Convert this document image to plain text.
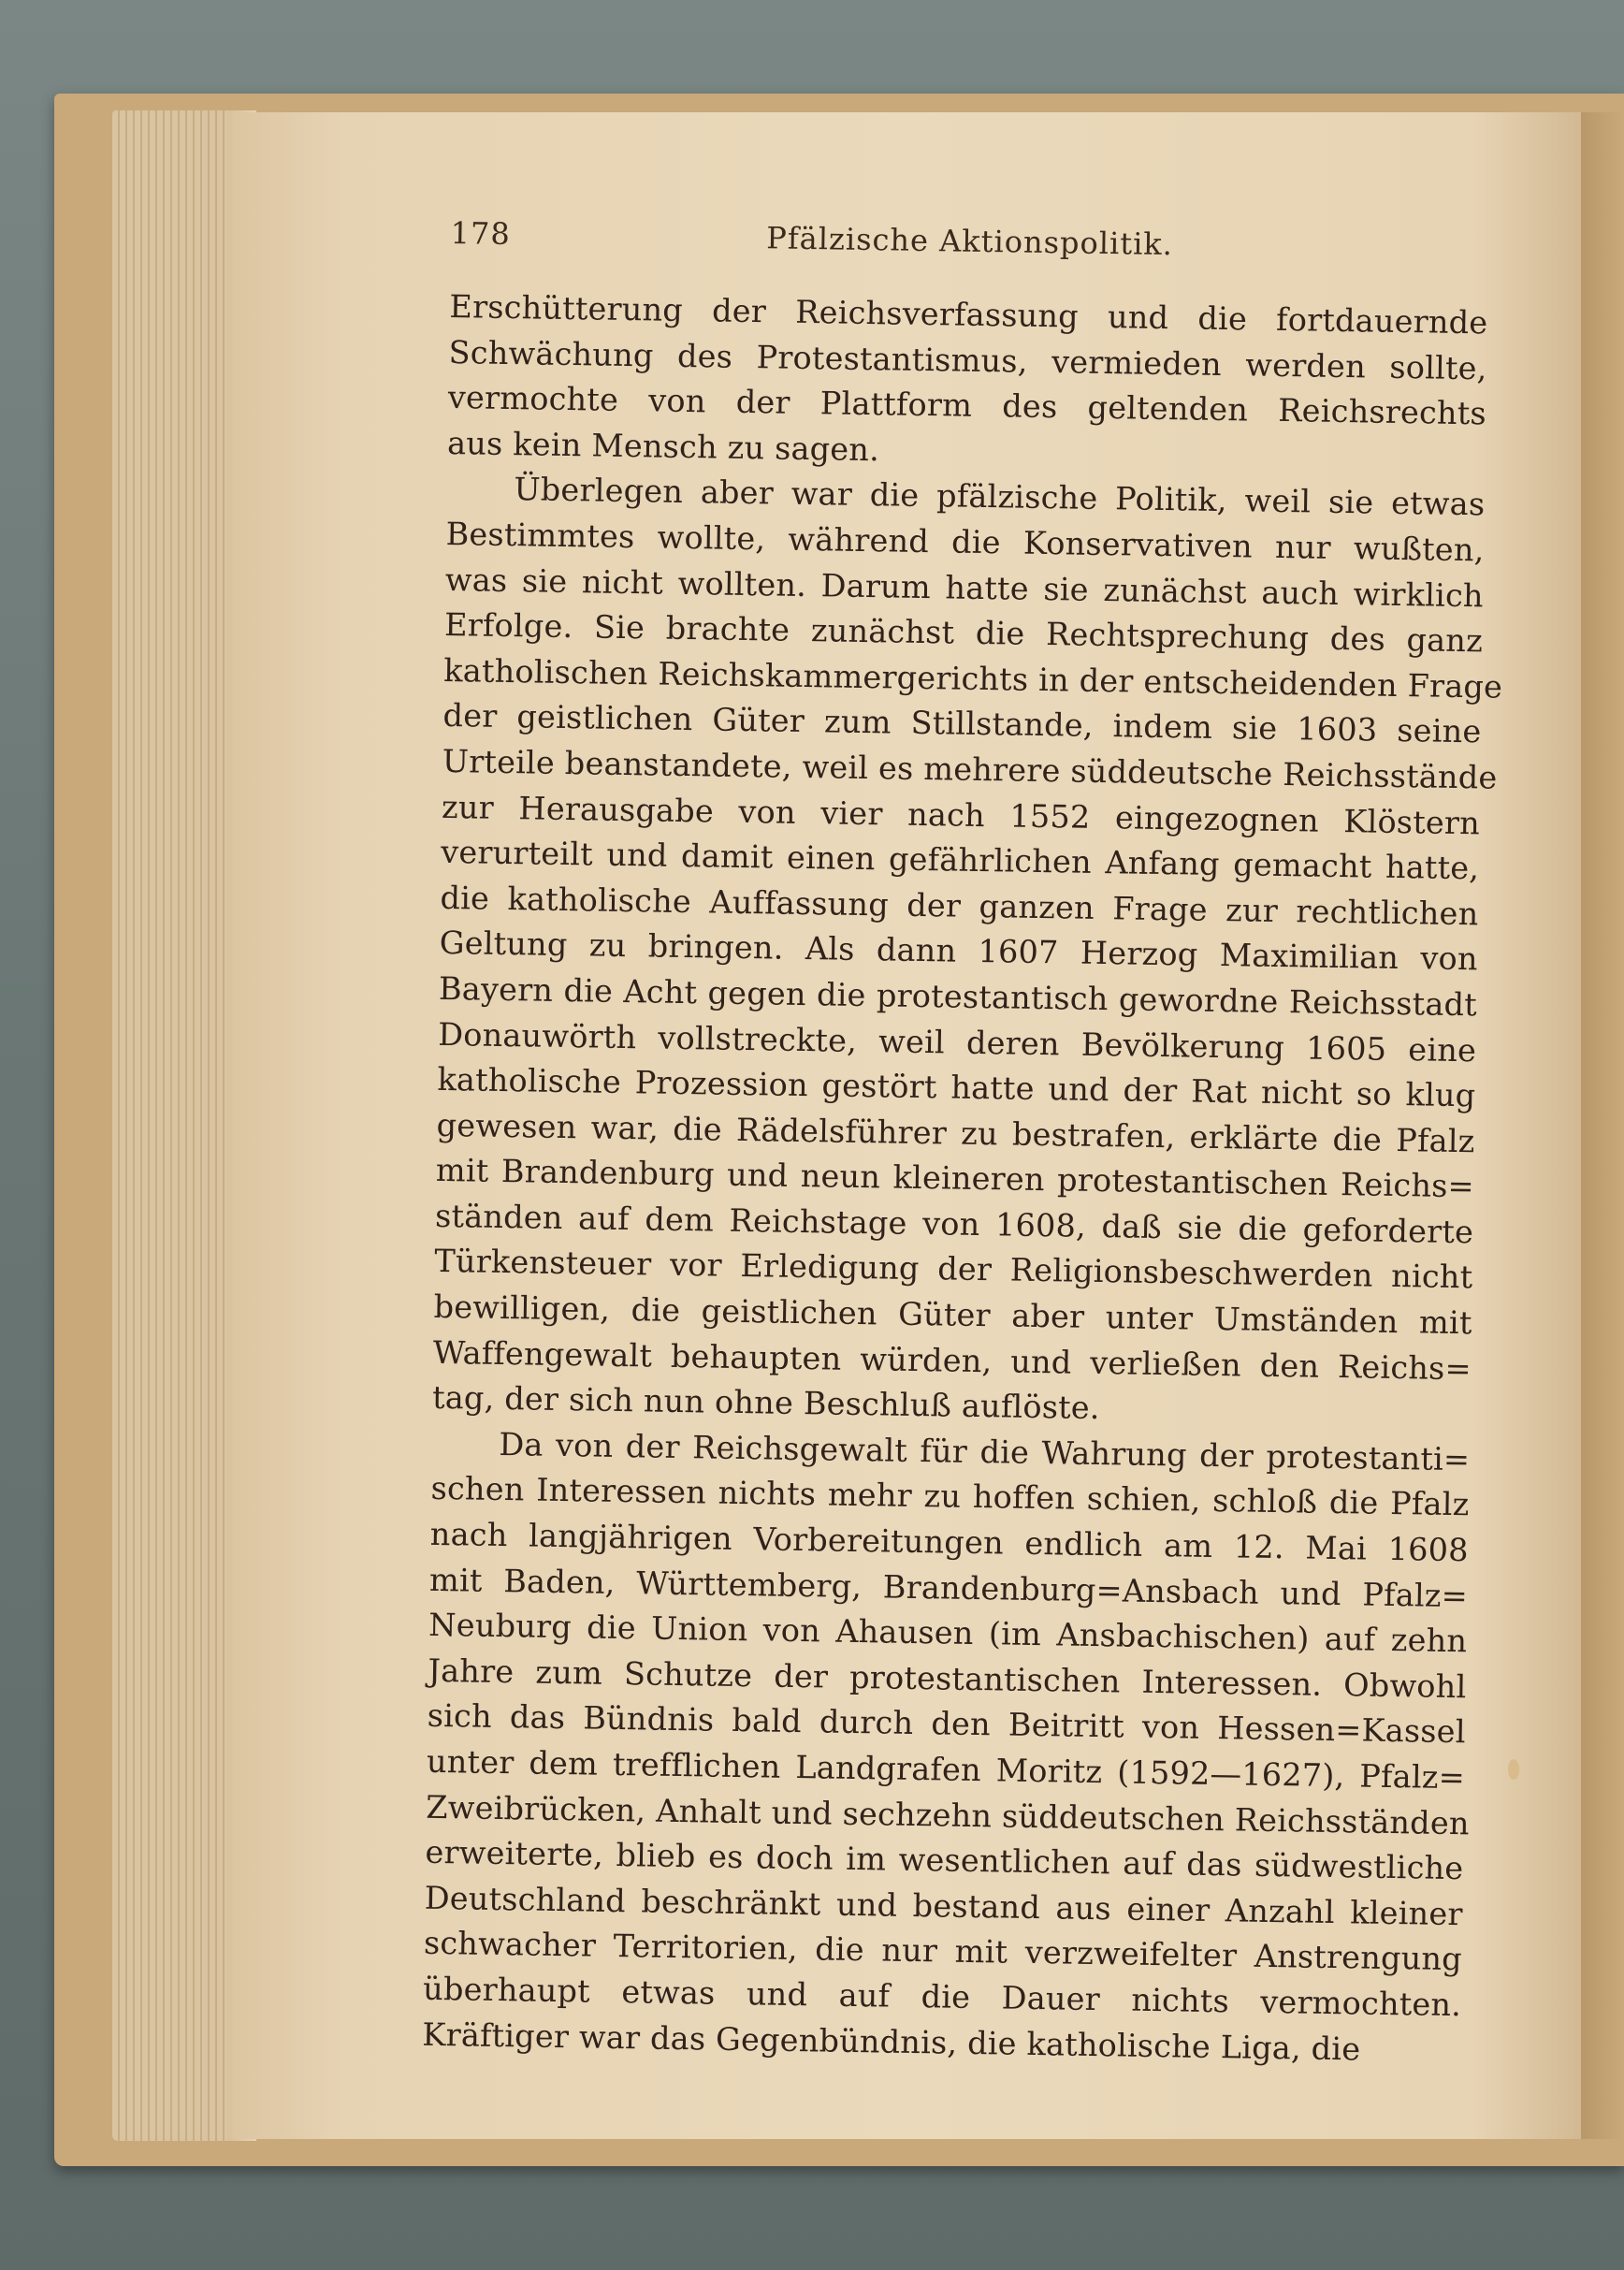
178	Pfälzische Aktionspolitik.
Erschütterung der Reichsverfassung und die fortdauernde
Schwächung des Protestantismus, vermieden werden sollte,
vermochte von der Plattform des geltenden Reichsrechts
aus kein Mensch zu sagen.
Überlegen aber war die pfälzische Politik, weil sie etwas
Bestimmtes wollte, während die Konservativen nur wußten,
was sie nicht wollten. Darum hatte sie zunächst auch wirklich
Erfolge. Sie brachte zunächst die Rechtsprechung des ganz
katholischen Reichskammergerichts in der entscheidenden Frage
der geistlichen Güter zum Stillstande, indem sie 1603 seine
Urteile beanstandete, weil es mehrere süddeutsche Reichsstände
zur Herausgabe von vier nach 1552 eingezognen Klöstern
verurteilt und damit einen gefährlichen Anfang gemacht hatte,
die katholische Auffassung der ganzen Frage zur rechtlichen
Geltung zu bringen. Als dann 1607 Herzog Maximilian von
Bayern die Acht gegen die protestantisch gewordne Reichsstadt
Donauwörth vollstreckte, weil deren Bevölkerung 1605 eine
katholische Prozession gestört hatte und der Rat nicht so klug
gewesen war, die Rädelsführer zu bestrafen, erklärte die Pfalz
mit Brandenburg und neun kleineren protestantischen Reichs=
ständen auf dem Reichstage von 1608, daß sie die geforderte
Türkensteuer vor Erledigung der Religionsbeschwerden nicht
bewilligen, die geistlichen Güter aber unter Umständen mit
Waffengewalt behaupten würden, und verließen den Reichs=
tag, der sich nun ohne Beschluß auflöste.
Da von der Reichsgewalt für die Wahrung der protestanti=
schen Interessen nichts mehr zu hoffen schien, schloß die Pfalz
nach langjährigen Vorbereitungen endlich am 12. Mai 1608
mit Baden, Württemberg, Brandenburg=Ansbach und Pfalz=
Neuburg die Union von Ahausen (im Ansbachischen) auf zehn
Jahre zum Schutze der protestantischen Interessen. Obwohl
sich das Bündnis bald durch den Beitritt von Hessen=Kassel
unter dem trefflichen Landgrafen Moritz (1592—1627), Pfalz=
Zweibrücken, Anhalt und sechzehn süddeutschen Reichsständen
erweiterte, blieb es doch im wesentlichen auf das südwestliche
Deutschland beschränkt und bestand aus einer Anzahl kleiner
schwacher Territorien, die nur mit verzweifelter Anstrengung
überhaupt etwas und auf die Dauer nichts vermochten.
Kräftiger war das Gegenbündnis, die katholische Liga, die
